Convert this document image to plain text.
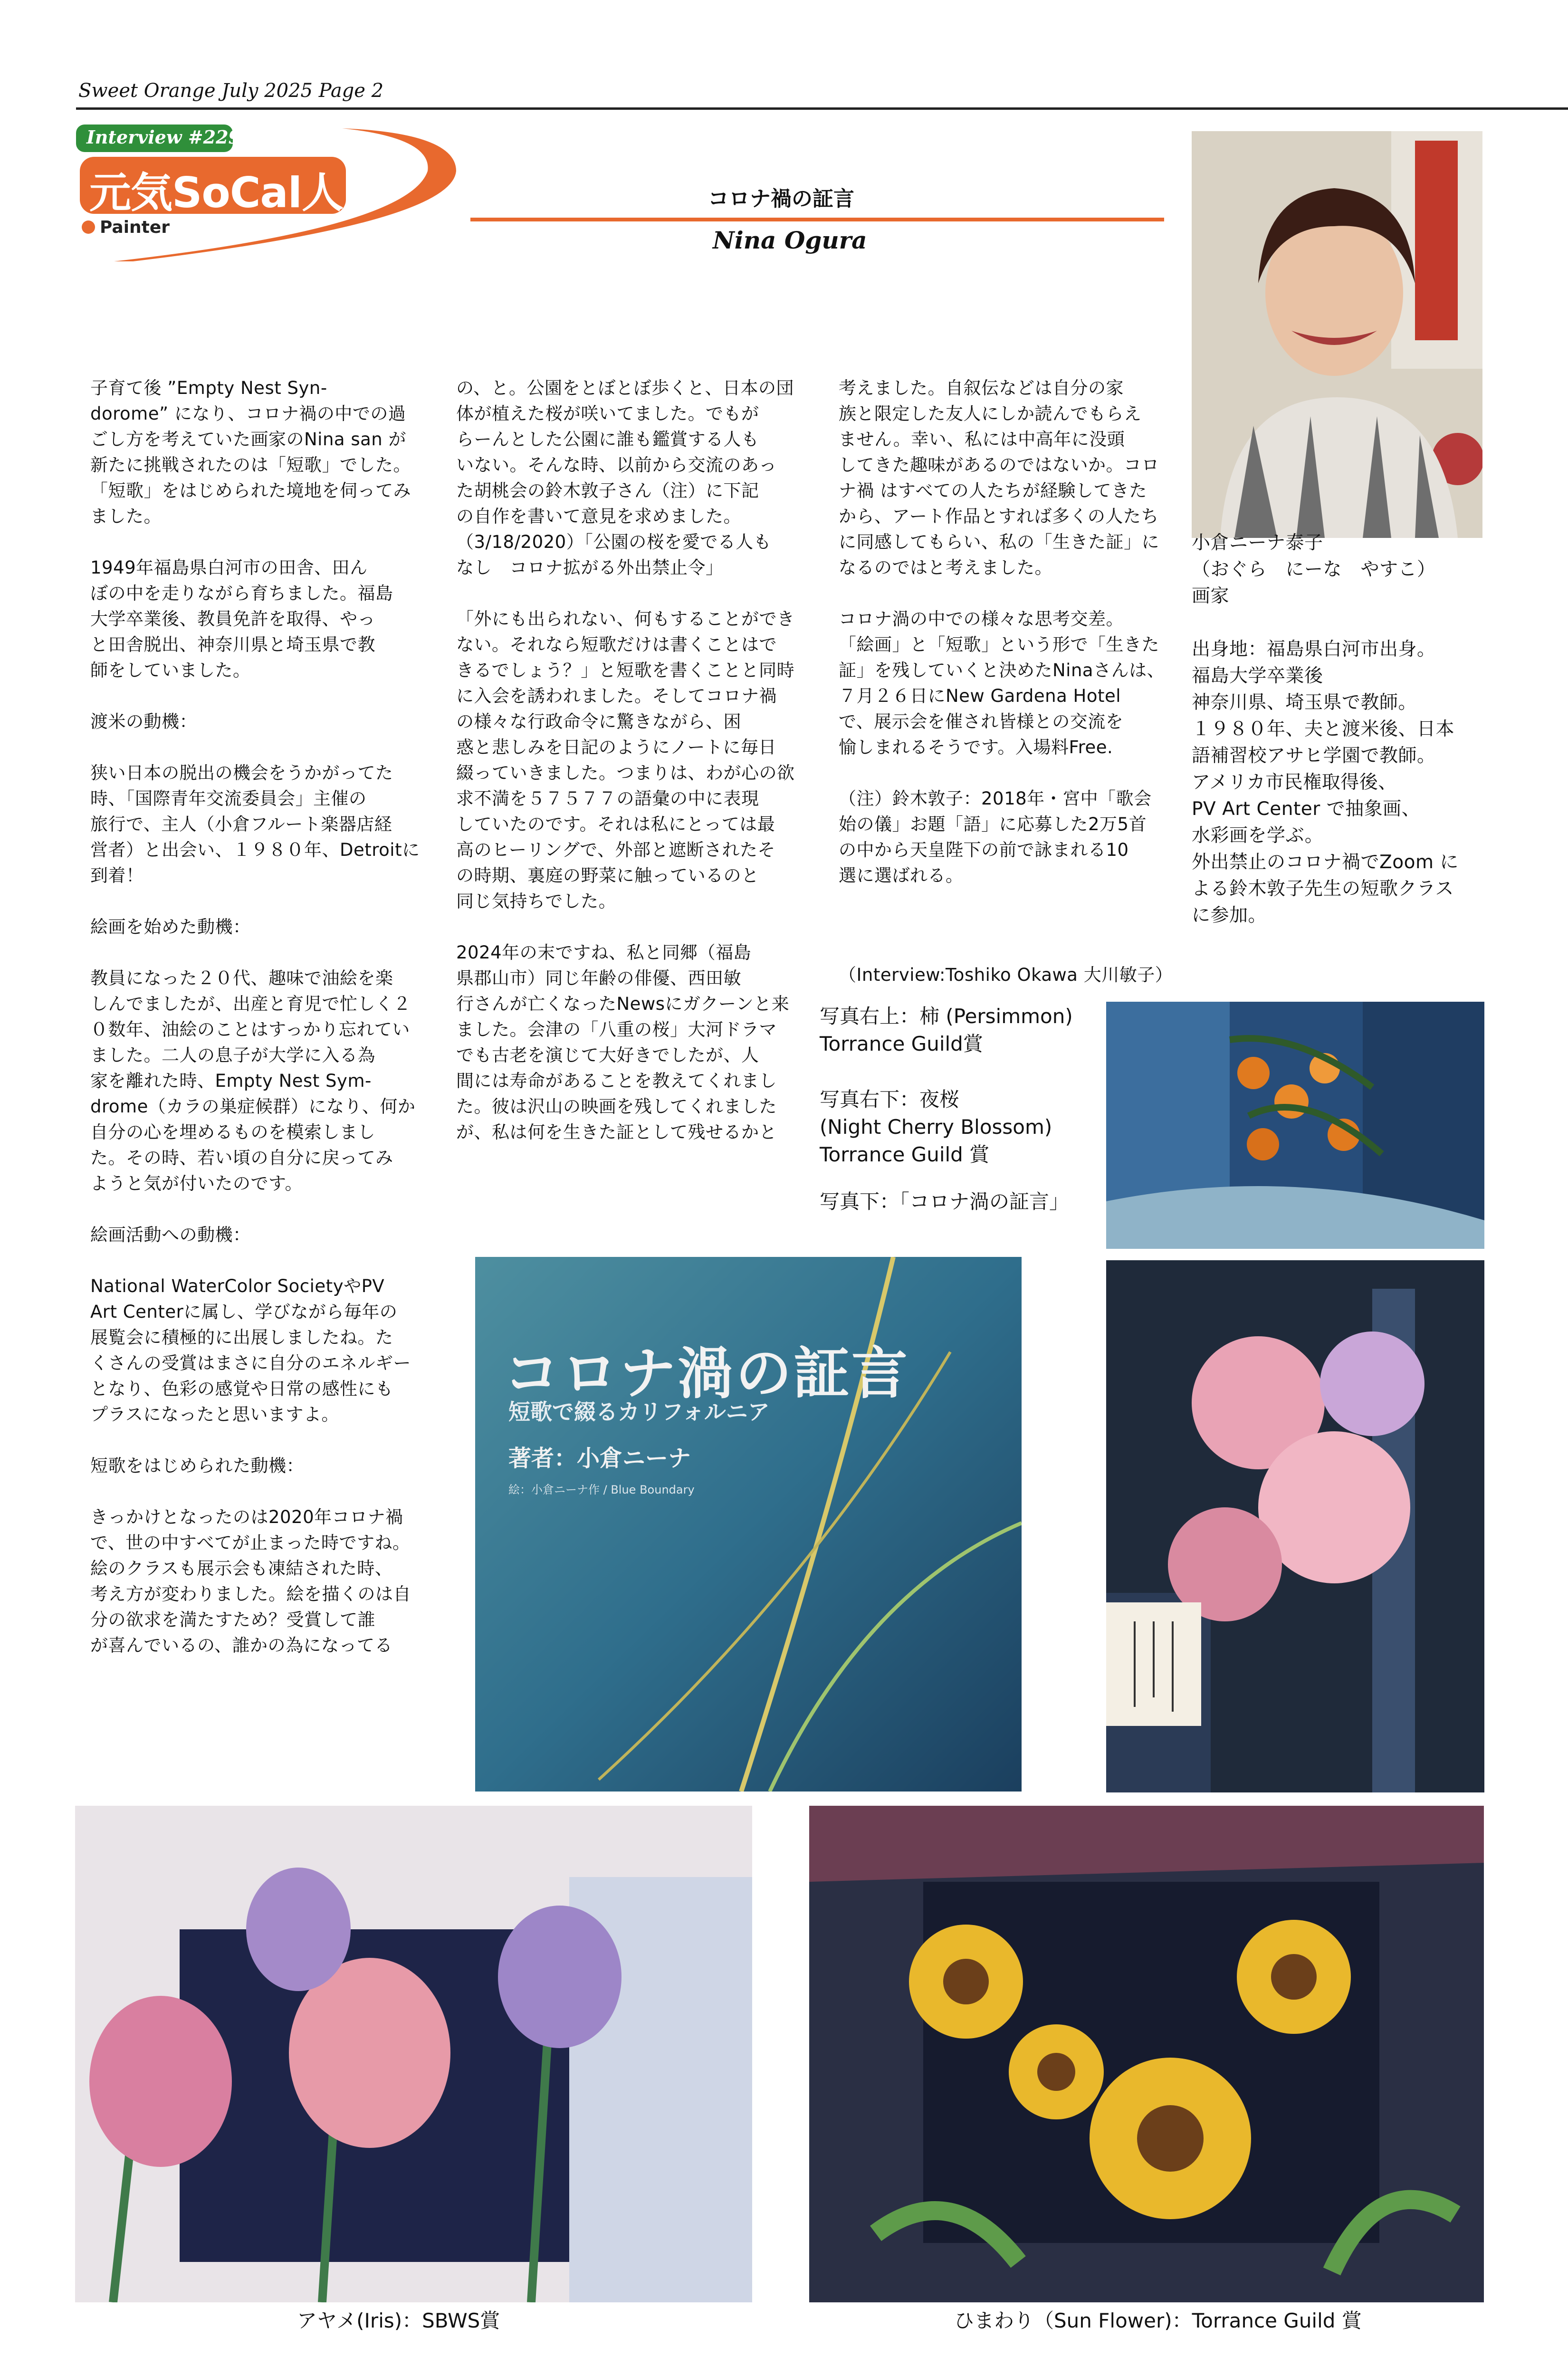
Sweet Orange July 2025 Page 2
Interview #229
元気SoCal人
Painter
コロナ禍の証言
Nina Ogura
子育て後 ”Empty Nest Syn-
dorome” になり、コロナ禍の中での過
ごし方を考えていた画家のNina san が
新たに挑戦されたのは「短歌」でした。
「短歌」をはじめられた境地を伺ってみ
ました。

1949年福島県白河市の田舎、田ん
ぼの中を走りながら育ちました。福島
大学卒業後、教員免許を取得、やっ
と田舎脱出、神奈川県と埼玉県で教
師をしていました。

渡米の動機：

狭い日本の脱出の機会をうかがってた
時、「国際青年交流委員会」主催の
旅行で、主人（小倉フルート楽器店経
営者）と出会い、１９８０年、Detroitに
到着！

絵画を始めた動機：

教員になった２０代、趣味で油絵を楽
しんでましたが、出産と育児で忙しく２
０数年、油絵のことはすっかり忘れてい
ました。二人の息子が大学に入る為
家を離れた時、Empty Nest Sym-
drome（カラの巣症候群）になり、何か
自分の心を埋めるものを模索しまし
た。その時、若い頃の自分に戻ってみ
ようと気が付いたのです。

絵画活動への動機：

National WaterColor SocietyやPV
Art Centerに属し、学びながら毎年の
展覧会に積極的に出展しましたね。た
くさんの受賞はまさに自分のエネルギー
となり、色彩の感覚や日常の感性にも
プラスになったと思いますよ。

短歌をはじめられた動機：

きっかけとなったのは2020年コロナ禍
で、世の中すべてが止まった時ですね。
絵のクラスも展示会も凍結された時、
考え方が変わりました。絵を描くのは自
分の欲求を満たすため？受賞して誰
が喜んでいるの、誰かの為になってる
の、と。公園をとぼとぼ歩くと、日本の団
体が植えた桜が咲いてました。でもが
らーんとした公園に誰も鑑賞する人も
いない。そんな時、以前から交流のあっ
た胡桃会の鈴木敦子さん（注）に下記
の自作を書いて意見を求めました。
（3/18/2020）「公園の桜を愛でる人も
なし　コロナ拡がる外出禁止令」

「外にも出られない、何もすることができ
ない。それなら短歌だけは書くことはで
きるでしょう？」と短歌を書くことと同時
に入会を誘われました。そしてコロナ禍
の様々な行政命令に驚きながら、困
惑と悲しみを日記のようにノートに毎日
綴っていきました。つまりは、わが心の欲
求不満を５７５７７の語彙の中に表現
していたのです。それは私にとっては最
高のヒーリングで、外部と遮断されたそ
の時期、裏庭の野菜に触っているのと
同じ気持ちでした。

2024年の末ですね、私と同郷（福島
県郡山市）同じ年齢の俳優、西田敏
行さんが亡くなったNewsにガクーンと来
ました。会津の「八重の桜」大河ドラマ
でも古老を演じて大好きでしたが、人
間には寿命があることを教えてくれまし
た。彼は沢山の映画を残してくれました
が、私は何を生きた証として残せるかと
考えました。自叙伝などは自分の家
族と限定した友人にしか読んでもらえ
ません。幸い、私には中高年に没頭
してきた趣味があるのではないか。コロ
ナ禍 はすべての人たちが経験してきた
から、アート作品とすれば多くの人たち
に同感してもらい、私の「生きた証」に
なるのではと考えました。

コロナ渦の中での様々な思考交差。
「絵画」と「短歌」という形で「生きた
証」を残していくと決めたNinaさんは、
７月２６日にNew Gardena Hotel
で、展示会を催され皆様との交流を
愉しまれるそうです。入場料Free.

（注）鈴木敦子：2018年・宮中「歌会
始の儀」お題「語」に応募した2万5首
の中から天皇陛下の前で詠まれる10
選に選ばれる。
（Interview:Toshiko Okawa 大川敏子）
小倉ニーナ泰子
（おぐら　にーな　やすこ）
画家

出身地：福島県白河市出身。
福島大学卒業後
神奈川県、埼玉県で教師。
１９８０年、夫と渡米後、日本
語補習校アサヒ学園で教師。
アメリカ市民権取得後、
PV Art Center で抽象画、
水彩画を学ぶ。
外出禁止のコロナ禍でZoom に
よる鈴木敦子先生の短歌クラス
に参加。
写真右上：柿 (Persimmon)
Torrance Guild賞
写真右下：夜桜
(Night Cherry Blossom)
Torrance Guild 賞
写真下：「コロナ渦の証言」
コロナ渦の証言
短歌で綴るカリフォルニア
著者：小倉ニーナ
絵：小倉ニーナ作 / Blue Boundary
アヤメ(Iris)：SBWS賞	ひまわり（Sun Flower)：Torrance Guild 賞
